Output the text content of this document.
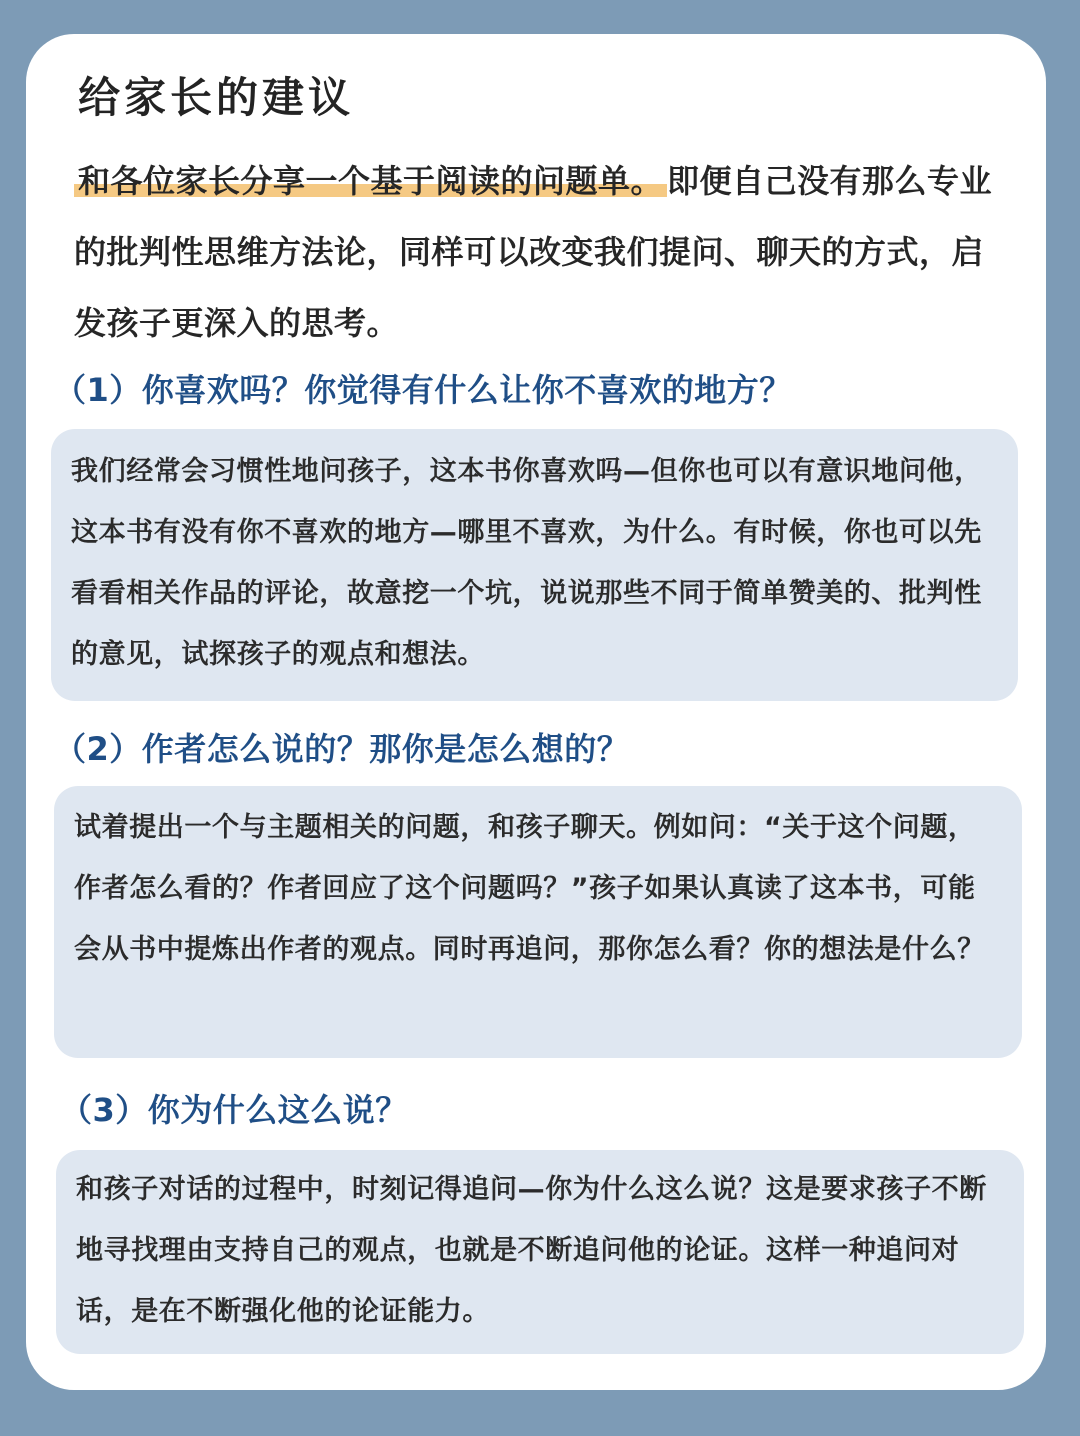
给家长的建议
和各位家长分享一个基于阅读的问题单。 即便自己没有那么专业的批判性思维方法论，同样可以改变我们提问、聊天的方式，启发孩子更深入的思考。
（1）你喜欢吗？你觉得有什么让你不喜欢的地方？

我们经常会习惯性地问孩子，这本书你喜欢吗—但你也可以有意识地问他，这本书有没有你不喜欢的地方—哪里不喜欢，为什么。有时候，你也可以先看看相关作品的评论，故意挖一个坑，说说那些不同于简单赞美的、批判性的意见，试探孩子的观点和想法。

（2）作者怎么说的？那你是怎么想的？

试着提出一个与主题相关的问题，和孩子聊天。例如问：“关于这个问题，作者怎么看的？作者回应了这个问题吗？”孩子如果认真读了这本书，可能会从书中提炼出作者的观点。同时再追问，那你怎么看？你的想法是什么？

（3）你为什么这么说？

和孩子对话的过程中，时刻记得追问—你为什么这么说？这是要求孩子不断地寻找理由支持自己的观点，也就是不断追问他的论证。这样一种追问对话，是在不断强化他的论证能力。
